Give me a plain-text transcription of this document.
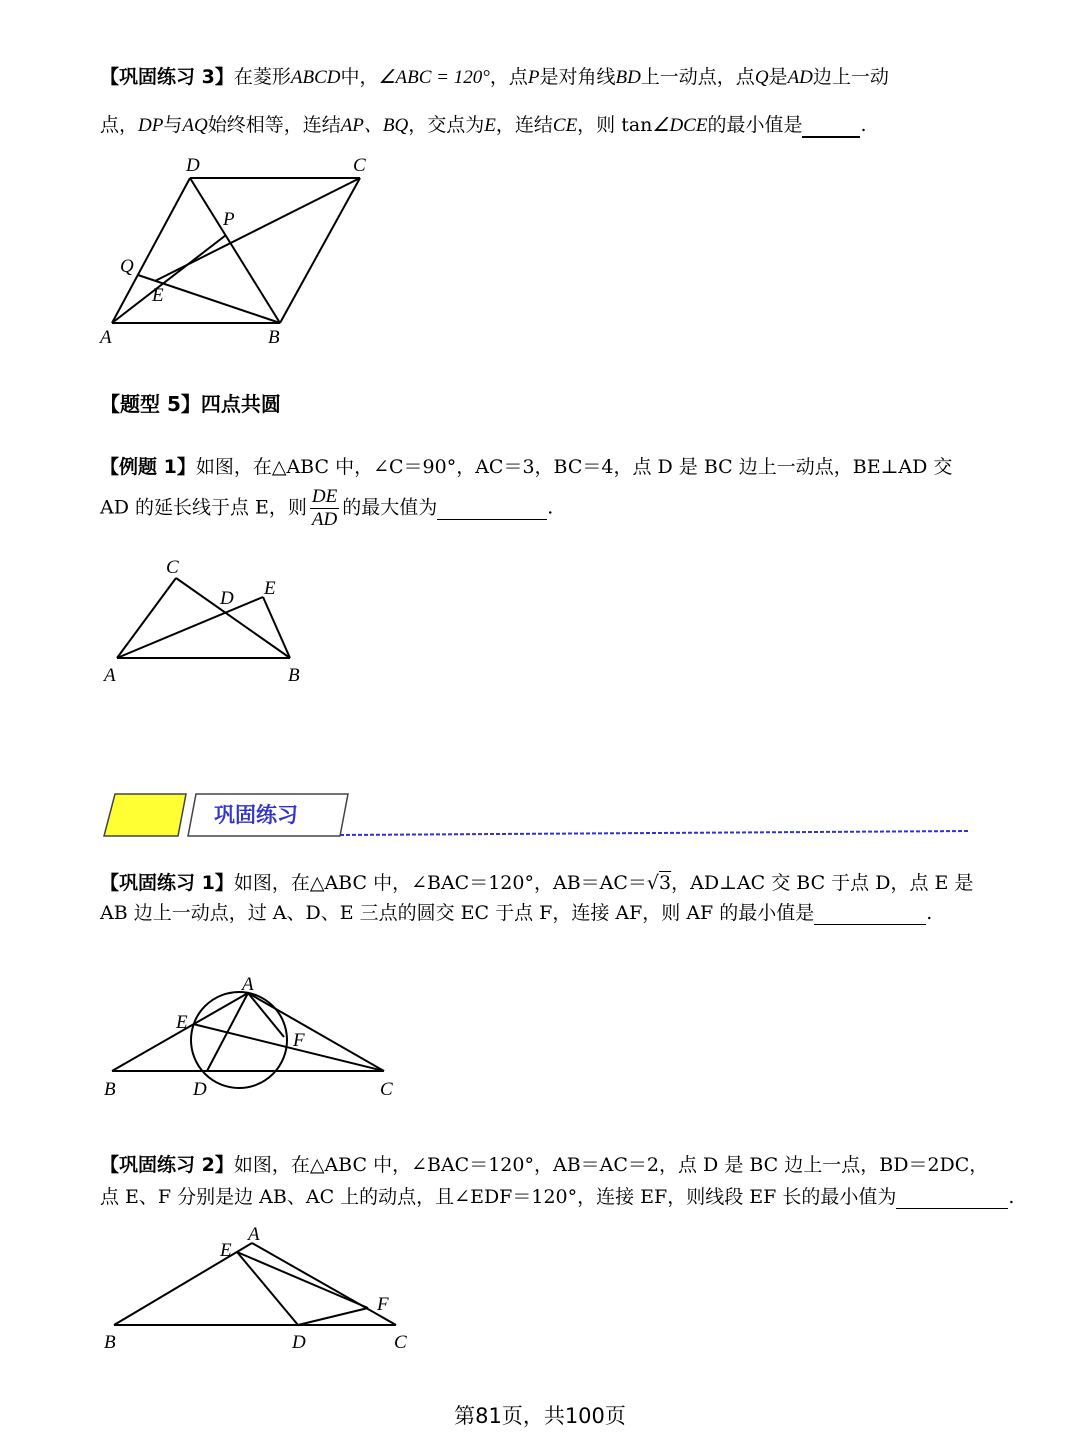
【巩固练习 3】在菱形ABCD中，∠ABC = 120°，点P是对角线BD上一动点，点Q是AD边上一动
点，DP与AQ始终相等，连结AP、BQ，交点为E，连结CE，则 tan∠DCE的最小值是	.
D	C
P
Q
E
A	B
【题型 5】四点共圆
【例题 1】如图，在△ABC 中，∠C＝90°，AC＝3，BC＝4，点 D 是 BC 边上一动点，BE⊥AD 交
AD 的延长线于点 E，则 $\frac{DE}{AD}$ 的最大值为	.
C
D E
A	B
巩固练习
【巩固练习 1】如图，在△ABC 中，∠BAC＝120°，AB＝AC＝√3，AD⊥AC 交 BC 于点 D，点 E 是
AB 边上一动点，过 A、D、E 三点的圆交 EC 于点 F，连接 AF，则 AF 的最小值是	.
A
E
F
B	D	C
【巩固练习 2】如图，在△ABC 中，∠BAC＝120°，AB＝AC＝2，点 D 是 BC 边上一点，BD＝2DC，
点 E、F 分别是边 AB、AC 上的动点，且∠EDF＝120°，连接 EF，则线段 EF 长的最小值为	.
E
A
F
B	D	C
第81页，共100页
